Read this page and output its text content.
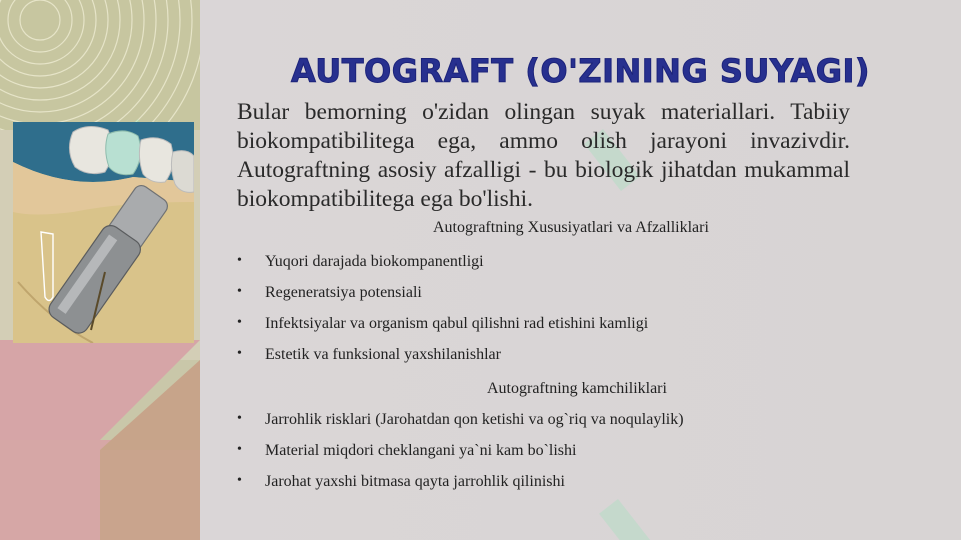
AUTOGRAFT (O'ZINING SUYAGI)

Bular bemorning o'zidan olingan suyak materiallari. Tabiiy biokompatibilitega ega, ammo olish jarayoni invazivdir. Autograftning asosiy afzalligi - bu biologik jihatdan mukammal biokompatibilitega ega bo'lishi.

Autograftning Xususiyatlari va Afzalliklari
• Yuqori darajada biokompanentligi
• Regeneratsiya potensiali
• Infektsiyalar va organism qabul qilishni rad etishini kamligi
• Estetik va funksional yaxshilanishlar
Autograftning kamchiliklari
• Jarrohlik risklari (Jarohatdan qon ketishi va og`riq va noqulaylik)
• Material miqdori cheklangani ya`ni kam bo`lishi
• Jarohat yaxshi bitmasa qayta jarrohlik qilinishi
